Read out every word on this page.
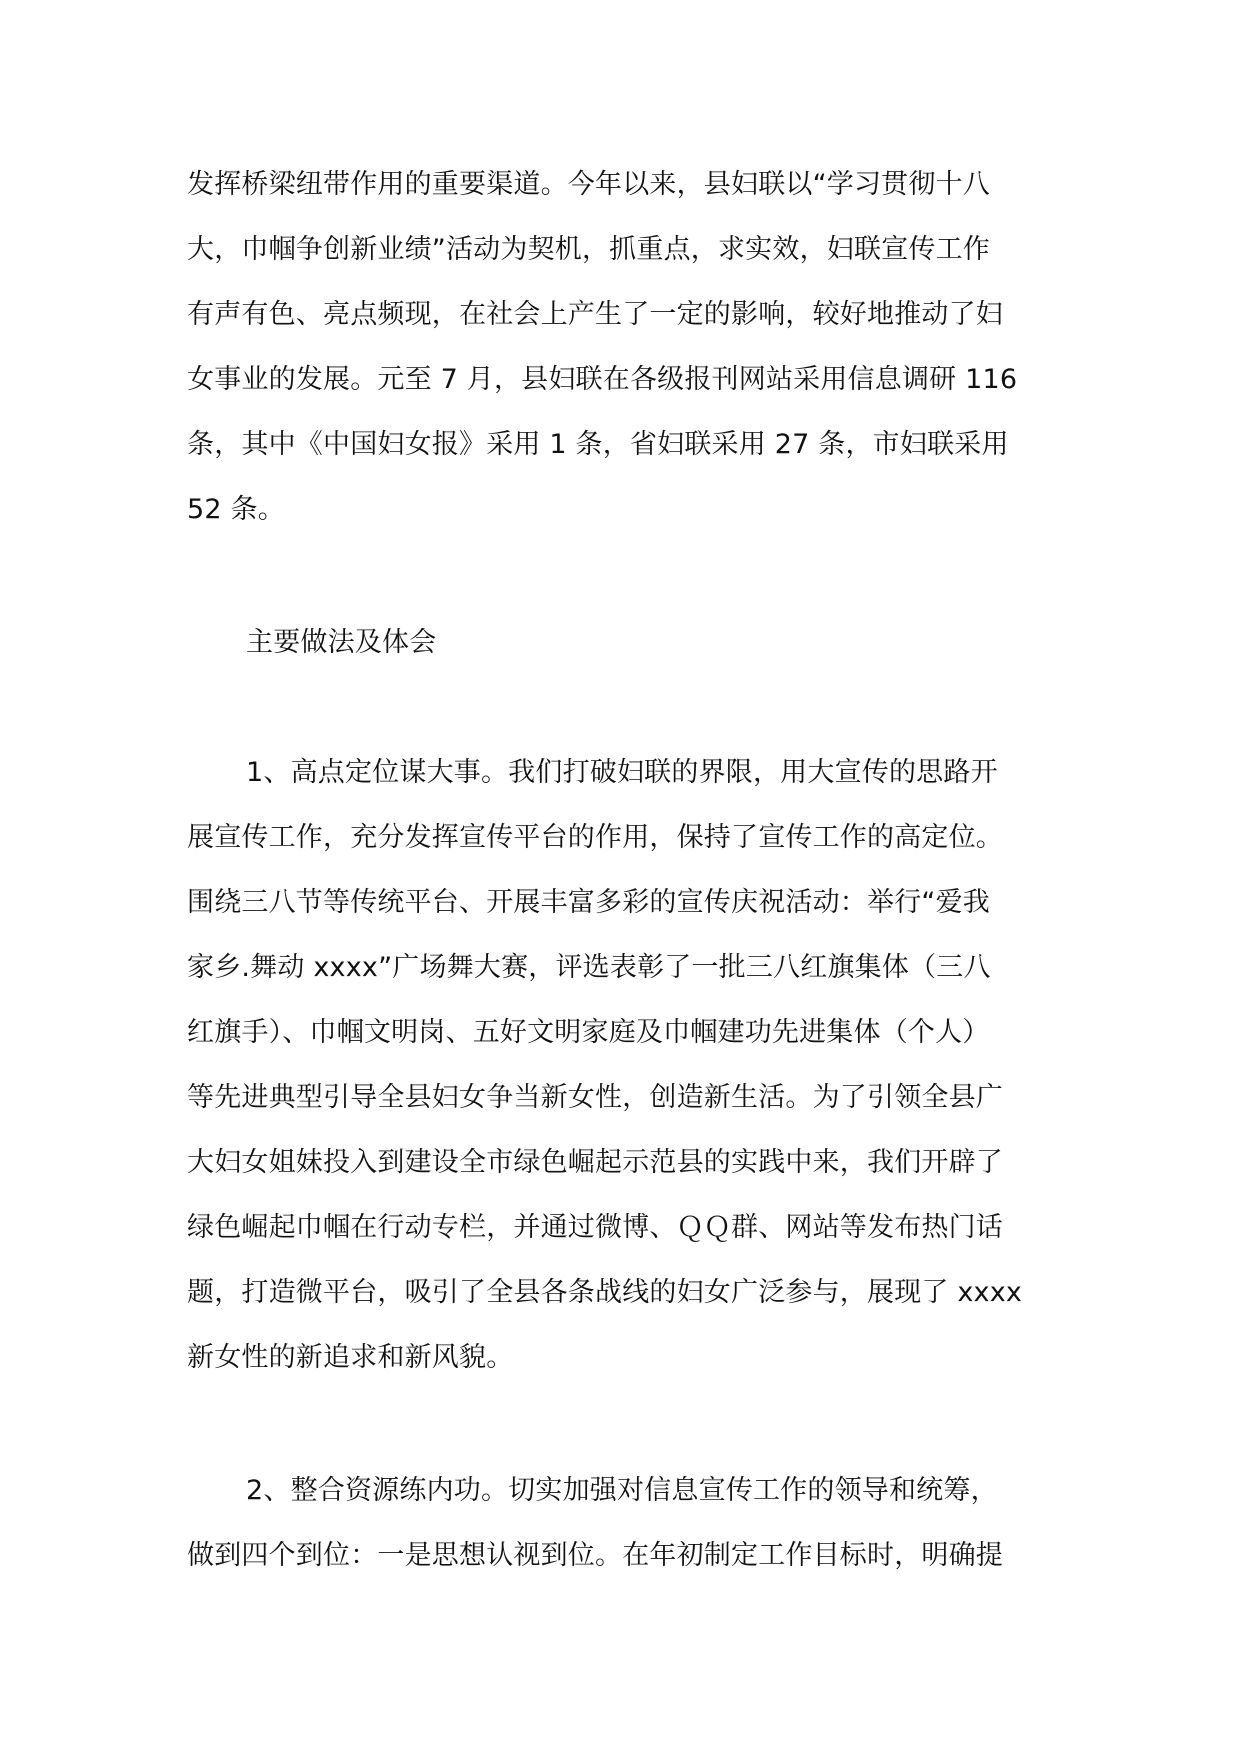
发挥桥梁纽带作用的重要渠道。今年以来，县妇联以“学习贯彻十八
大，巾帼争创新业绩”活动为契机，抓重点，求实效，妇联宣传工作
有声有色、亮点频现，在社会上产生了一定的影响，较好地推动了妇
女事业的发展。元至 7 月，县妇联在各级报刊网站采用信息调研 116
条，其中《中国妇女报》采用 1 条，省妇联采用 27 条，市妇联采用
52 条。
主要做法及体会
1、高点定位谋大事。我们打破妇联的界限，用大宣传的思路开
展宣传工作，充分发挥宣传平台的作用，保持了宣传工作的高定位。
围绕三八节等传统平台、开展丰富多彩的宣传庆祝活动：举行“爱我
家乡.舞动 xxxx”广场舞大赛，评选表彰了一批三八红旗集体（三八
红旗手）、巾帼文明岗、五好文明家庭及巾帼建功先进集体（个人）
等先进典型引导全县妇女争当新女性，创造新生活。为了引领全县广
大妇女姐妹投入到建设全市绿色崛起示范县的实践中来，我们开辟了
绿色崛起巾帼在行动专栏，并通过微博、ＱＱ群、网站等发布热门话
题，打造微平台，吸引了全县各条战线的妇女广泛参与，展现了 xxxx
新女性的新追求和新风貌。
2、整合资源练内功。切实加强对信息宣传工作的领导和统筹，
做到四个到位：一是思想认视到位。在年初制定工作目标时，明确提
